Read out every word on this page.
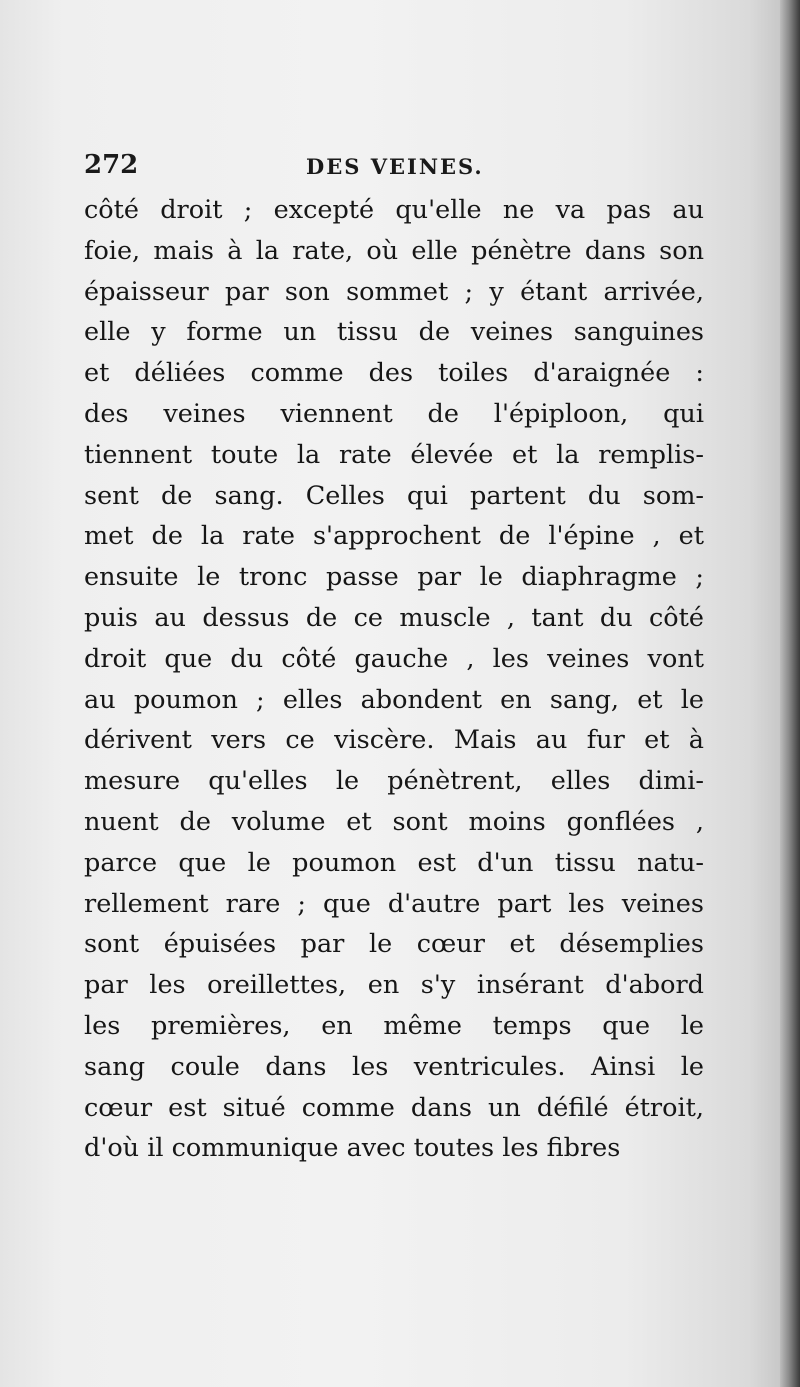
272	DES VEINES.
côté droit ; excepté qu'elle ne va pas au
foie, mais à la rate, où elle pénètre dans son
épaisseur par son sommet ; y étant arrivée,
elle y forme un tissu de veines sanguines
et déliées comme des toiles d'araignée :
des veines viennent de l'épiploon, qui
tiennent toute la rate élevée et la remplis-
sent de sang. Celles qui partent du som-
met de la rate s'approchent de l'épine , et
ensuite le tronc passe par le diaphragme ;
puis au dessus de ce muscle , tant du côté
droit que du côté gauche , les veines vont
au poumon ; elles abondent en sang, et le
dérivent vers ce viscère. Mais au fur et à
mesure qu'elles le pénètrent, elles dimi-
nuent de volume et sont moins gonflées ,
parce que le poumon est d'un tissu natu-
rellement rare ; que d'autre part les veines
sont épuisées par le cœur et désemplies
par les oreillettes, en s'y insérant d'abord
les premières, en même temps que le
sang coule dans les ventricules. Ainsi le
cœur est situé comme dans un défilé étroit,
d'où il communique avec toutes les fibres
